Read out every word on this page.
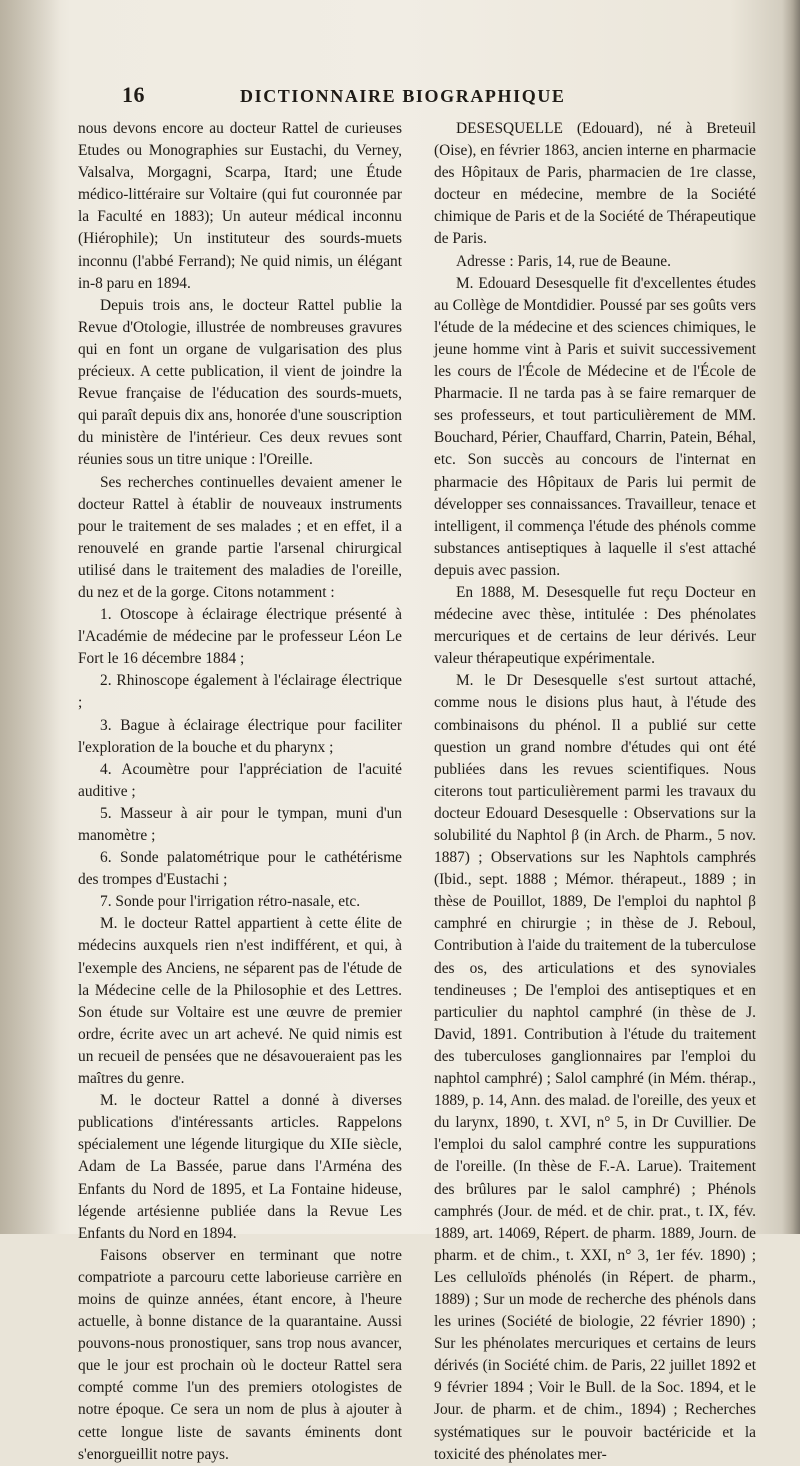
16	DICTIONNAIRE BIOGRAPHIQUE

nous devons encore au docteur Rattel de curieuses Etudes ou Monographies sur Eustachi, du Verney, Valsalva, Morgagni, Scarpa, Itard; une Étude médico-littéraire sur Voltaire (qui fut couronnée par la Faculté en 1883); Un auteur médical inconnu (Hiérophile); Un instituteur des sourds-muets inconnu (l'abbé Ferrand); Ne quid nimis, un élégant in-8 paru en 1894.

Depuis trois ans, le docteur Rattel publie la Revue d'Otologie, illustrée de nombreuses gravures qui en font un organe de vulgarisation des plus précieux. A cette publication, il vient de joindre la Revue française de l'éducation des sourds-muets, qui paraît depuis dix ans, honorée d'une souscription du ministère de l'intérieur. Ces deux revues sont réunies sous un titre unique : l'Oreille.

Ses recherches continuelles devaient amener le docteur Rattel à établir de nouveaux instruments pour le traitement de ses malades ; et en effet, il a renouvelé en grande partie l'arsenal chirurgical utilisé dans le traitement des maladies de l'oreille, du nez et de la gorge. Citons notamment :

1. Otoscope à éclairage électrique présenté à l'Académie de médecine par le professeur Léon Le Fort le 16 décembre 1884 ;

2. Rhinoscope également à l'éclairage électrique ;

3. Bague à éclairage électrique pour faciliter l'exploration de la bouche et du pharynx ;

4. Acoumètre pour l'appréciation de l'acuité auditive ;

5. Masseur à air pour le tympan, muni d'un manomètre ;

6. Sonde palatométrique pour le cathétérisme des trompes d'Eustachi ;

7. Sonde pour l'irrigation rétro-nasale, etc.

M. le docteur Rattel appartient à cette élite de médecins auxquels rien n'est indifférent, et qui, à l'exemple des Anciens, ne séparent pas de l'étude de la Médecine celle de la Philosophie et des Lettres. Son étude sur Voltaire est une œuvre de premier ordre, écrite avec un art achevé. Ne quid nimis est un recueil de pensées que ne désavoueraient pas les maîtres du genre.

M. le docteur Rattel a donné à diverses publications d'intéressants articles. Rappelons spécialement une légende liturgique du XIIe siècle, Adam de La Bassée, parue dans l'Arména des Enfants du Nord de 1895, et La Fontaine hideuse, légende artésienne publiée dans la Revue Les Enfants du Nord en 1894.

Faisons observer en terminant que notre compatriote a parcouru cette laborieuse carrière en moins de quinze années, étant encore, à l'heure actuelle, à bonne distance de la quarantaine. Aussi pouvons-nous pronostiquer, sans trop nous avancer, que le jour est prochain où le docteur Rattel sera compté comme l'un des premiers otologistes de notre époque. Ce sera un nom de plus à ajouter à cette longue liste de savants éminents dont s'enorgueillit notre pays.

DESESQUELLE (Edouard), né à Breteuil (Oise), en février 1863, ancien interne en pharmacie des Hôpitaux de Paris, pharmacien de 1re classe, docteur en médecine, membre de la Société chimique de Paris et de la Société de Thérapeutique de Paris.

Adresse : Paris, 14, rue de Beaune.

M. Edouard Desesquelle fit d'excellentes études au Collège de Montdidier. Poussé par ses goûts vers l'étude de la médecine et des sciences chimiques, le jeune homme vint à Paris et suivit successivement les cours de l'École de Médecine et de l'École de Pharmacie. Il ne tarda pas à se faire remarquer de ses professeurs, et tout particulièrement de MM. Bouchard, Périer, Chauffard, Charrin, Patein, Béhal, etc. Son succès au concours de l'internat en pharmacie des Hôpitaux de Paris lui permit de développer ses connaissances. Travailleur, tenace et intelligent, il commença l'étude des phénols comme substances antiseptiques à laquelle il s'est attaché depuis avec passion.

En 1888, M. Desesquelle fut reçu Docteur en médecine avec thèse, intitulée : Des phénolates mercuriques et de certains de leur dérivés. Leur valeur thérapeutique expérimentale.

M. le Dr Desesquelle s'est surtout attaché, comme nous le disions plus haut, à l'étude des combinaisons du phénol. Il a publié sur cette question un grand nombre d'études qui ont été publiées dans les revues scientifiques. Nous citerons tout particulièrement parmi les travaux du docteur Edouard Desesquelle : Observations sur la solubilité du Naphtol β (in Arch. de Pharm., 5 nov. 1887) ; Observations sur les Naphtols camphrés (Ibid., sept. 1888 ; Mémor. thérapeut., 1889 ; in thèse de Pouillot, 1889, De l'emploi du naphtol β camphré en chirurgie ; in thèse de J. Reboul, Contribution à l'aide du traitement de la tuberculose des os, des articulations et des synoviales tendineuses ; De l'emploi des antiseptiques et en particulier du naphtol camphré (in thèse de J. David, 1891. Contribution à l'étude du traitement des tuberculoses ganglionnaires par l'emploi du naphtol camphré) ; Salol camphré (in Mém. thérap., 1889, p. 14, Ann. des malad. de l'oreille, des yeux et du larynx, 1890, t. XVI, n° 5, in Dr Cuvillier. De l'emploi du salol camphré contre les suppurations de l'oreille. (In thèse de F.-A. Larue). Traitement des brûlures par le salol camphré) ; Phénols camphrés (Jour. de méd. et de chir. prat., t. IX, fév. 1889, art. 14069, Répert. de pharm. 1889, Journ. de pharm. et de chim., t. XXI, n° 3, 1er fév. 1890) ; Les celluloïds phénolés (in Répert. de pharm., 1889) ; Sur un mode de recherche des phénols dans les urines (Société de biologie, 22 février 1890) ; Sur les phénolates mercuriques et certains de leurs dérivés (in Société chim. de Paris, 22 juillet 1892 et 9 février 1894 ; Voir le Bull. de la Soc. 1894, et le Jour. de pharm. et de chim., 1894) ; Recherches systématiques sur le pouvoir bactéricide et la toxicité des phénolates mer-
